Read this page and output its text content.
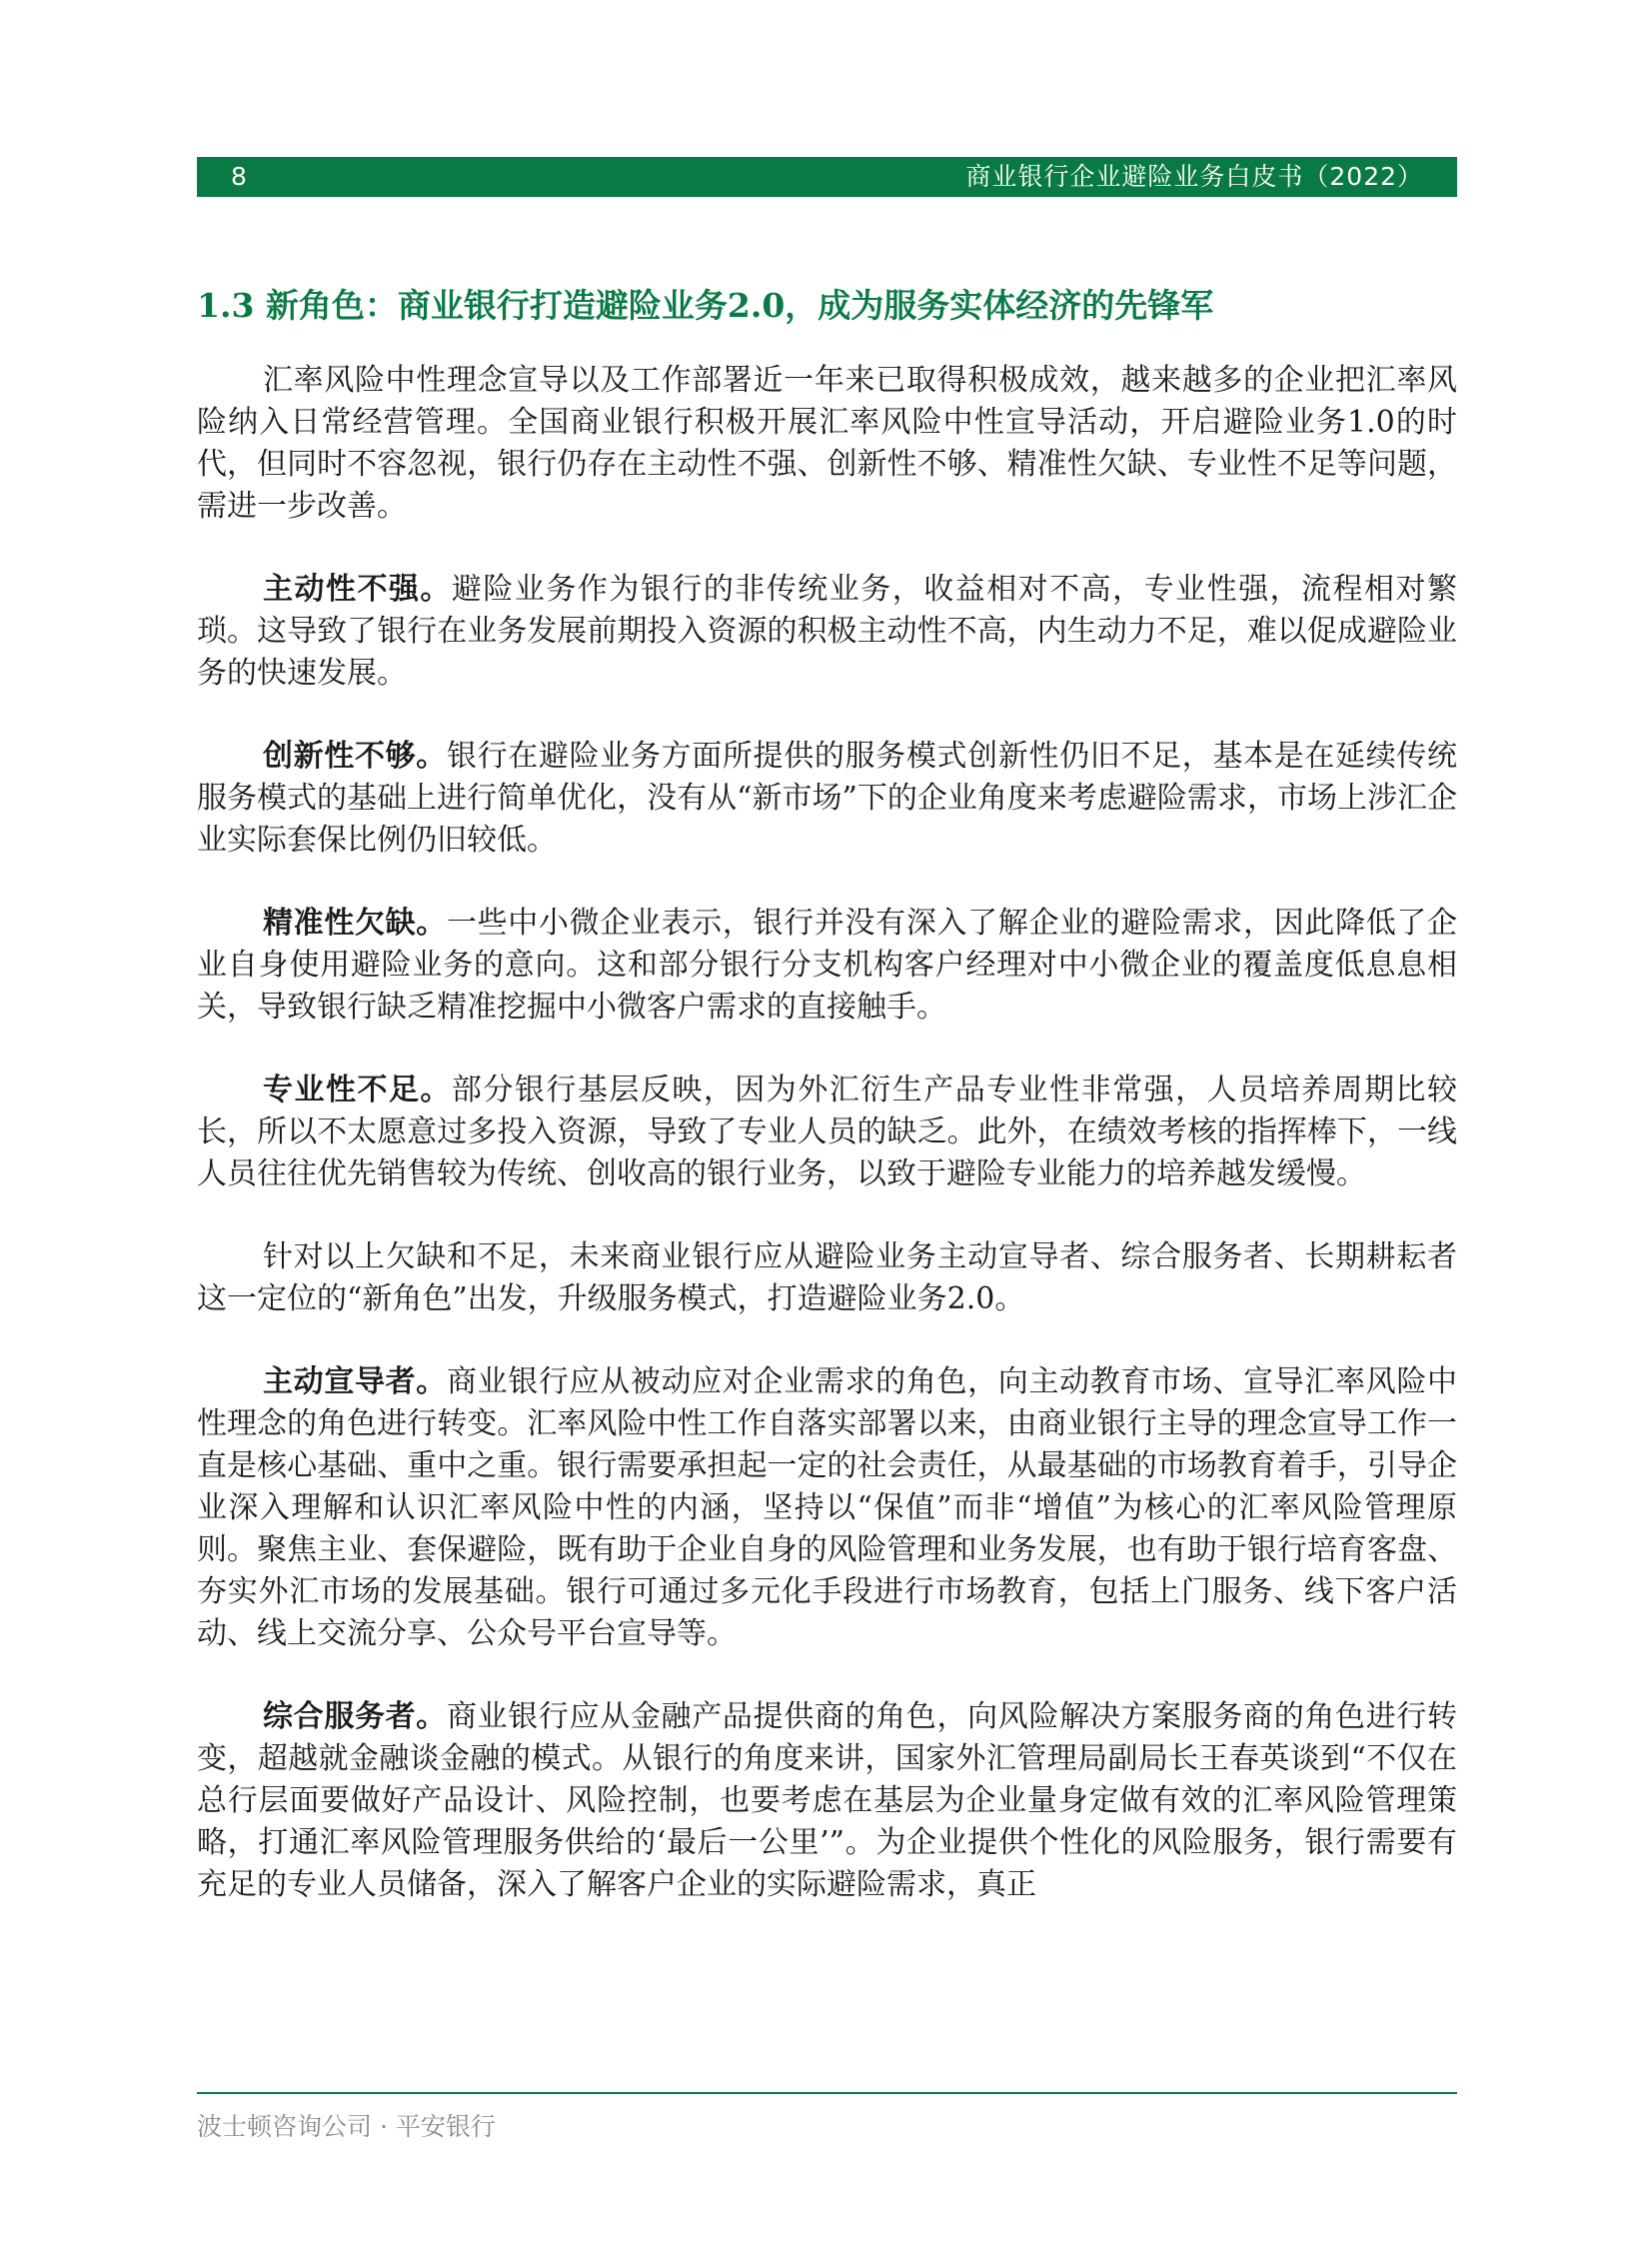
8	商业银行企业避险业务白皮书（2022）
1.3 新角色：商业银行打造避险业务2.0，成为服务实体经济的先锋军

汇率风险中性理念宣导以及工作部署近一年来已取得积极成效，越来越多的企业把汇率风险纳入日常经营管理。全国商业银行积极开展汇率风险中性宣导活动，开启避险业务1.0的时代，但同时不容忽视，银行仍存在主动性不强、创新性不够、精准性欠缺、专业性不足等问题，需进一步改善。

主动性不强。避险业务作为银行的非传统业务，收益相对不高，专业性强，流程相对繁琐。这导致了银行在业务发展前期投入资源的积极主动性不高，内生动力不足，难以促成避险业务的快速发展。

创新性不够。银行在避险业务方面所提供的服务模式创新性仍旧不足，基本是在延续传统服务模式的基础上进行简单优化，没有从“新市场”下的企业角度来考虑避险需求，市场上涉汇企业实际套保比例仍旧较低。

精准性欠缺。一些中小微企业表示，银行并没有深入了解企业的避险需求，因此降低了企业自身使用避险业务的意向。这和部分银行分支机构客户经理对中小微企业的覆盖度低息息相关，导致银行缺乏精准挖掘中小微客户需求的直接触手。

专业性不足。部分银行基层反映，因为外汇衍生产品专业性非常强，人员培养周期比较长，所以不太愿意过多投入资源，导致了专业人员的缺乏。此外，在绩效考核的指挥棒下，一线人员往往优先销售较为传统、创收高的银行业务，以致于避险专业能力的培养越发缓慢。

针对以上欠缺和不足，未来商业银行应从避险业务主动宣导者、综合服务者、长期耕耘者这一定位的“新角色”出发，升级服务模式，打造避险业务2.0。

主动宣导者。商业银行应从被动应对企业需求的角色，向主动教育市场、宣导汇率风险中性理念的角色进行转变。汇率风险中性工作自落实部署以来，由商业银行主导的理念宣导工作一直是核心基础、重中之重。银行需要承担起一定的社会责任，从最基础的市场教育着手，引导企业深入理解和认识汇率风险中性的内涵，坚持以“保值”而非“增值”为核心的汇率风险管理原则。聚焦主业、套保避险，既有助于企业自身的风险管理和业务发展，也有助于银行培育客盘、夯实外汇市场的发展基础。银行可通过多元化手段进行市场教育，包括上门服务、线下客户活动、线上交流分享、公众号平台宣导等。

综合服务者。商业银行应从金融产品提供商的角色，向风险解决方案服务商的角色进行转变，超越就金融谈金融的模式。从银行的角度来讲，国家外汇管理局副局长王春英谈到“不仅在总行层面要做好产品设计、风险控制，也要考虑在基层为企业量身定做有效的汇率风险管理策略，打通汇率风险管理服务供给的‘最后一公里’”。为企业提供个性化的风险服务，银行需要有充足的专业人员储备，深入了解客户企业的实际避险需求，真正

波士顿咨询公司 · 平安银行
